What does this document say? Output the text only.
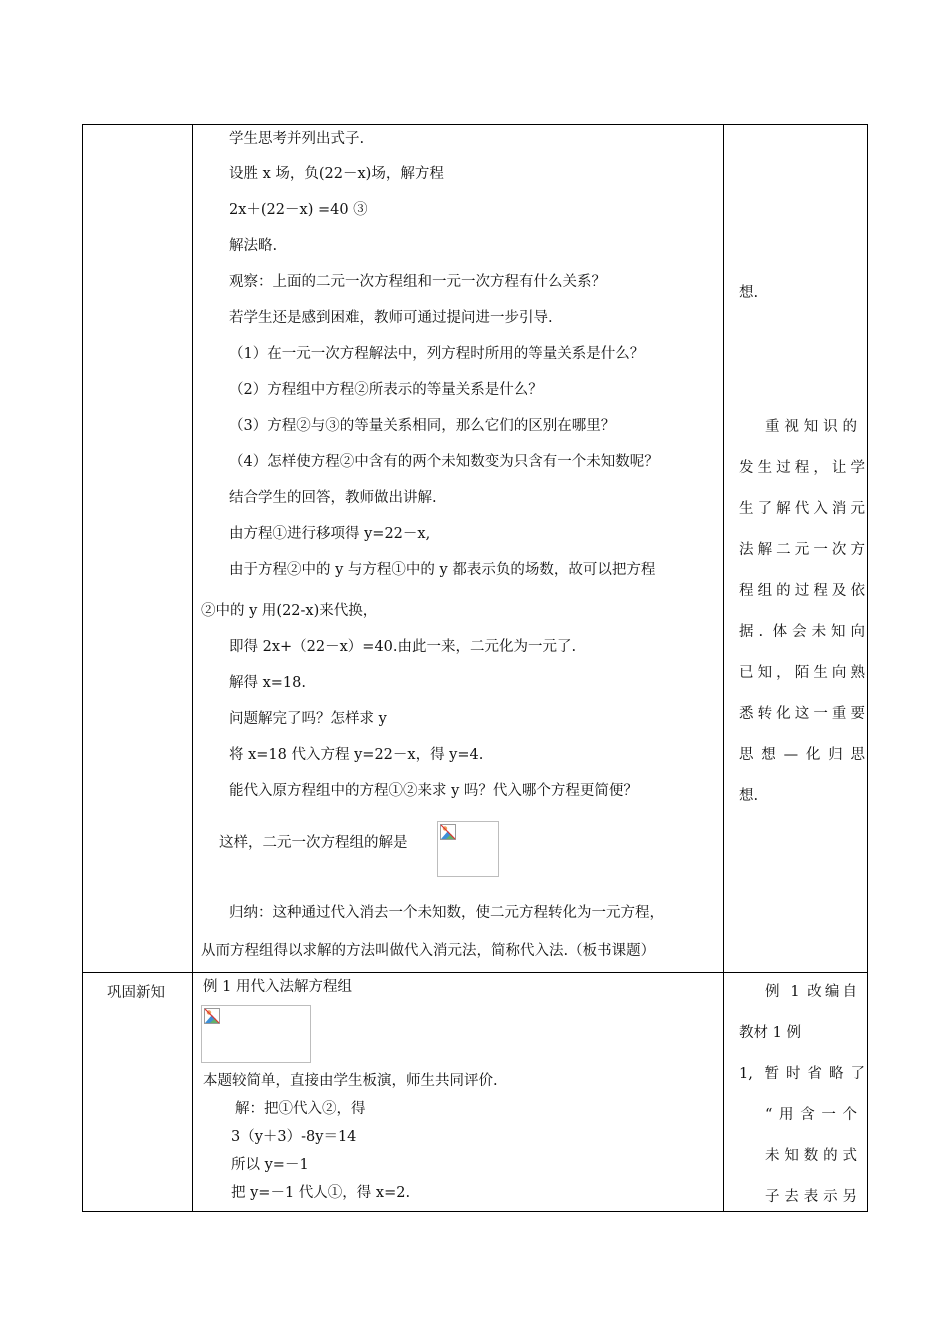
巩固新知
学生思考并列出式子.
设胜 x 场，负(22－x)场，解方程
2x＋(22－x) =40 ③
解法略.
观察：上面的二元一次方程组和一元一次方程有什么关系？
若学生还是感到困难，教师可通过提问进一步引导.
（1）在一元一次方程解法中，列方程时所用的等量关系是什么？
（2）方程组中方程②所表示的等量关系是什么？
（3）方程②与③的等量关系相同，那么它们的区别在哪里？
（4）怎样使方程②中含有的两个未知数变为只含有一个未知数呢？
结合学生的回答，教师做出讲解.
由方程①进行移项得 y=22－x,
由于方程②中的 y 与方程①中的 y 都表示负的场数，故可以把方程
②中的 y 用(22-x)来代换，
即得 2x+（22－x）=40.由此一来，二元化为一元了.
解得 x=18.
问题解完了吗？怎样求 y
将 x=18 代入方程 y=22－x，得 y=4.
能代入原方程组中的方程①②来求 y 吗？代入哪个方程更简便？
这样，二元一次方程组的解是
归纳：这种通过代入消去一个未知数，使二元方程转化为一元方程，
从而方程组得以求解的方法叫做代入消元法，简称代入法.（板书课题）
例 1 用代入法解方程组
本题较简单，直接由学生板演，师生共同评价.
解：把①代入②，得
3（y＋3）-8y＝14
所以 y=－1
把 y=－1 代人①，得 x=2.
想.
重视知识的
发生过程，让学
生了解代入消元
法解二元一次方
程组的过程及依
据. 体会未知向
已知，陌生向熟
悉转化这一重要
思想—化归思
想.
例 1 改编自
教材 1 例
1, 暂时省略了
“用含一个
未知数的式
子去表示另
